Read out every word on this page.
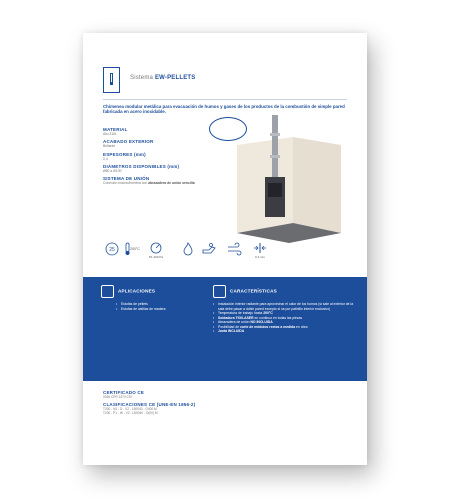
Sistema EW-PELLETS
Chimenea modular metálica para evacuación de humos y gases de los productos de la combustión de simple pared fabricada en acero inoxidable.
MATERIAL
Aisi 316L
ACABADO EXTERIOR
Brillante
ESPESORES (mm)
0,4
DIÁMETROS DISPONIBLES (mm)
Ø80 a Ø100
SISTEMA DE UNIÓN
Conexión macho/hembra con abrazadera de unión sencilla
25	200°C
P1 200 Pa	0,4 mm
APLICACIONES
• Estufas de pellets
• Estufas de astillas de madera
CARACTERÍSTICAS
• Instalación interior radiante para aprovechar el calor de los humos (si sale al exterior de la sala debe pasar a doble pared excepto si va por patinillo interior exclusivo)
• Temperatura de trabajo hasta 200°C
• Soldadura TIG/LASER en continuo en todas las piezas
• Abrazadera de unión NO INCLUIDA
• Posibilidad de corte de módulos rectos a medida en obra
• Junta INCLUIDA
CERTIFICADO CE
0036 CPR 1474 070
CLASIFICACIONES CE (UNE-EN 1856-2)
T200 - N1 - D - V2 - L50040 - G400 M
T200 - P1 - W - V2 - L50040 - O(00) M
